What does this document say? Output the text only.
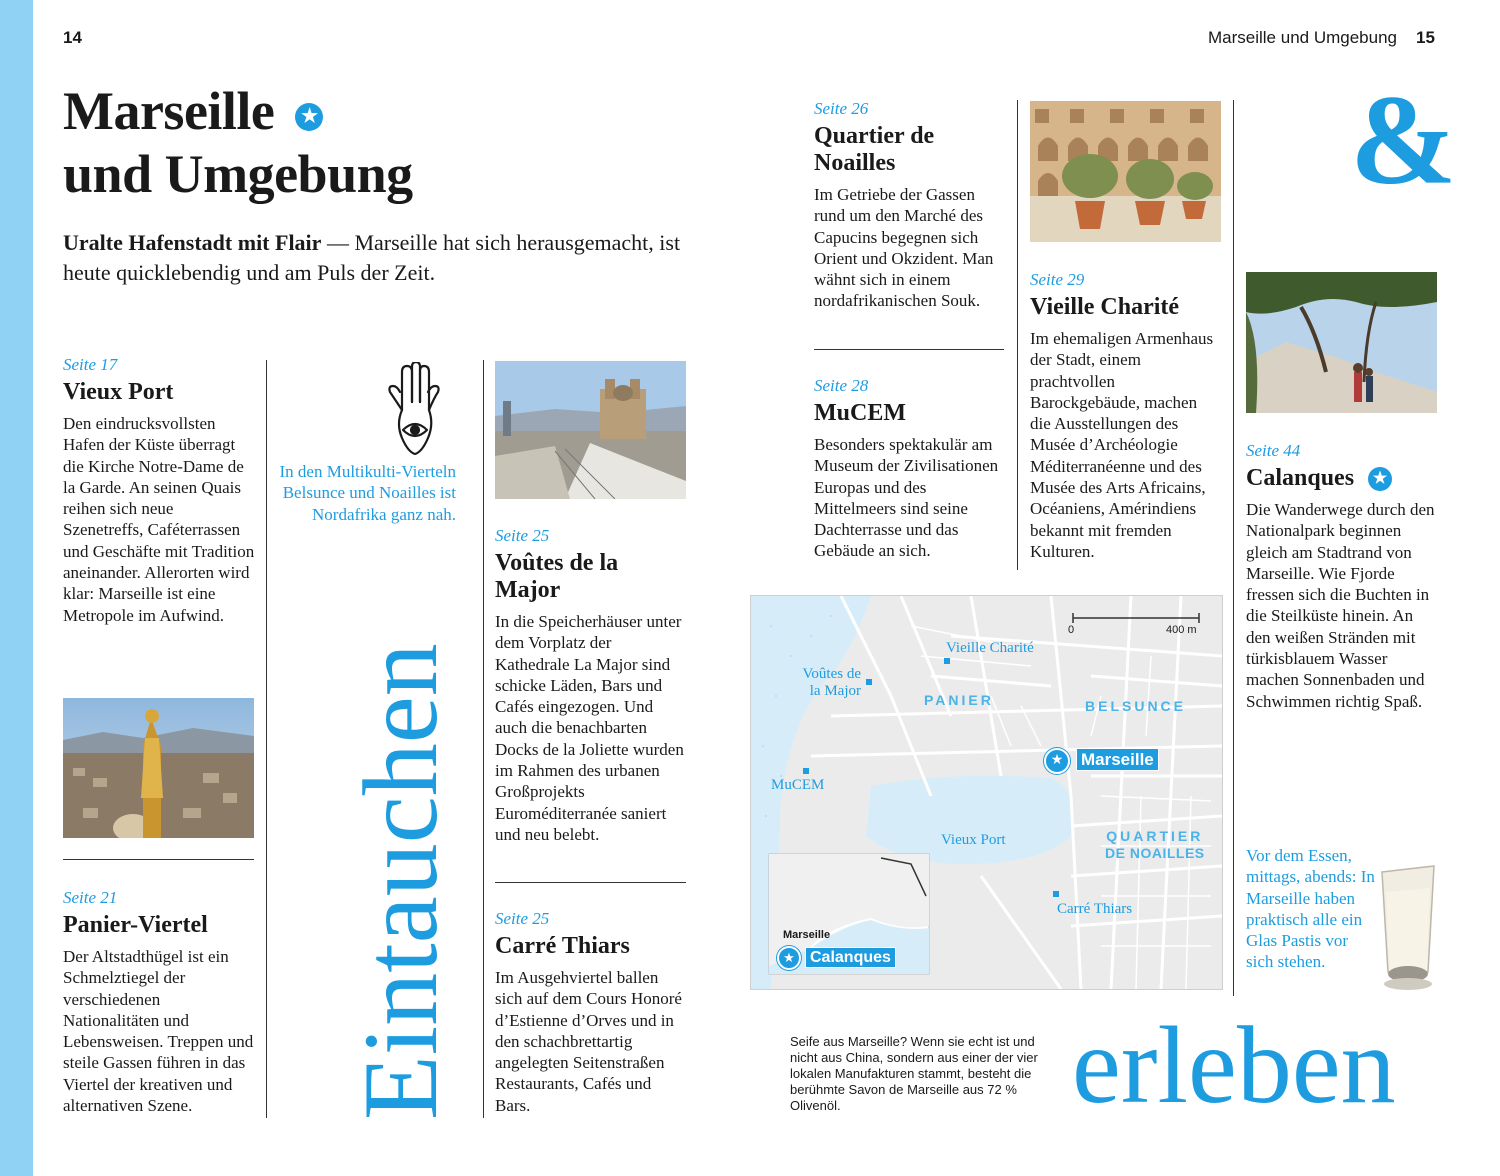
14	Marseille und Umgebung 15
Marseille ★
und Umgebung
Uralte Hafenstadt mit Flair — Marseille hat sich herausgemacht, ist heute quicklebendig und am Puls der Zeit.
Seite 17
Vieux Port
Den eindrucksvollsten Hafen der Küste überragt die Kirche Notre-Dame de la Garde. An seinen Quais reihen sich neue Szenetreffs, Caféterrassen und Geschäfte mit Tradition aneinander. Allerorten wird klar: Marseille ist eine Metropole im Aufwind.
Seite 21
Panier-Viertel
Der Altstadthügel ist ein Schmelztiegel der verschiedenen Nationalitäten und Lebensweisen. Treppen und steile Gassen führen in das Viertel der kreativen und alternativen Szene.
In den Multikulti-Vierteln Belsunce und Noailles ist Nordafrika ganz nah.
Eintauchen
Seite 25
Voûtes de la Major
In die Speicherhäuser unter dem Vorplatz der Kathedrale La Major sind schicke Läden, Bars und Cafés eingezogen. Und auch die benachbarten Docks de la Joliette wurden im Rahmen des urbanen Großprojekts Euroméditerranée saniert und neu belebt.
Seite 25
Carré Thiars
Im Ausgehviertel ballen sich auf dem Cours Honoré d’Estienne d’Orves und in den schachbrettartig angelegten Seitenstraßen Restaurants, Cafés und Bars.
Seite 26
Quartier de Noailles
Im Getriebe der Gassen rund um den Marché des Capucins begegnen sich Orient und Okzident. Man wähnt sich in einem nordafrikanischen Souk.
Seite 28
MuCEM
Besonders spektakulär am Museum der Zivilisationen Europas und des Mittelmeers sind seine Dachterrasse und das Gebäude an sich.
Seite 29
Vieille Charité
Im ehemaligen Armenhaus der Stadt, einem prachtvollen Barockgebäude, machen die Ausstellungen des Musée d’Archéologie Méditerranéenne und des Musée des Arts Africains, Océaniens, Amérindiens bekannt mit fremden Kulturen.
&
Seite 44
Calanques ★
Die Wanderwege durch den Nationalpark beginnen gleich am Stadtrand von Marseille. Wie Fjorde fressen sich die Buchten in die Steilküste hinein. An den weißen Stränden mit türkisblauem Wasser machen Sonnenbaden und Schwimmen richtig Spaß.
Vor dem Essen, mittags, abends: In Marseille haben praktisch alle ein Glas Pastis vor sich stehen.
0	400 m
Vieille Charité
Voûtes de
la Major
PANIER	BELSUNCE
★ Marseille
MuCEM
Vieux Port	QUARTIER
DE NOAILLES
Carré Thiars
Marseille
★ Calanques
Seife aus Marseille? Wenn sie echt ist und nicht aus China, sondern aus einer der vier lokalen Manufakturen stammt, besteht die berühmte Savon de Marseille aus 72 % Olivenöl.	erleben
